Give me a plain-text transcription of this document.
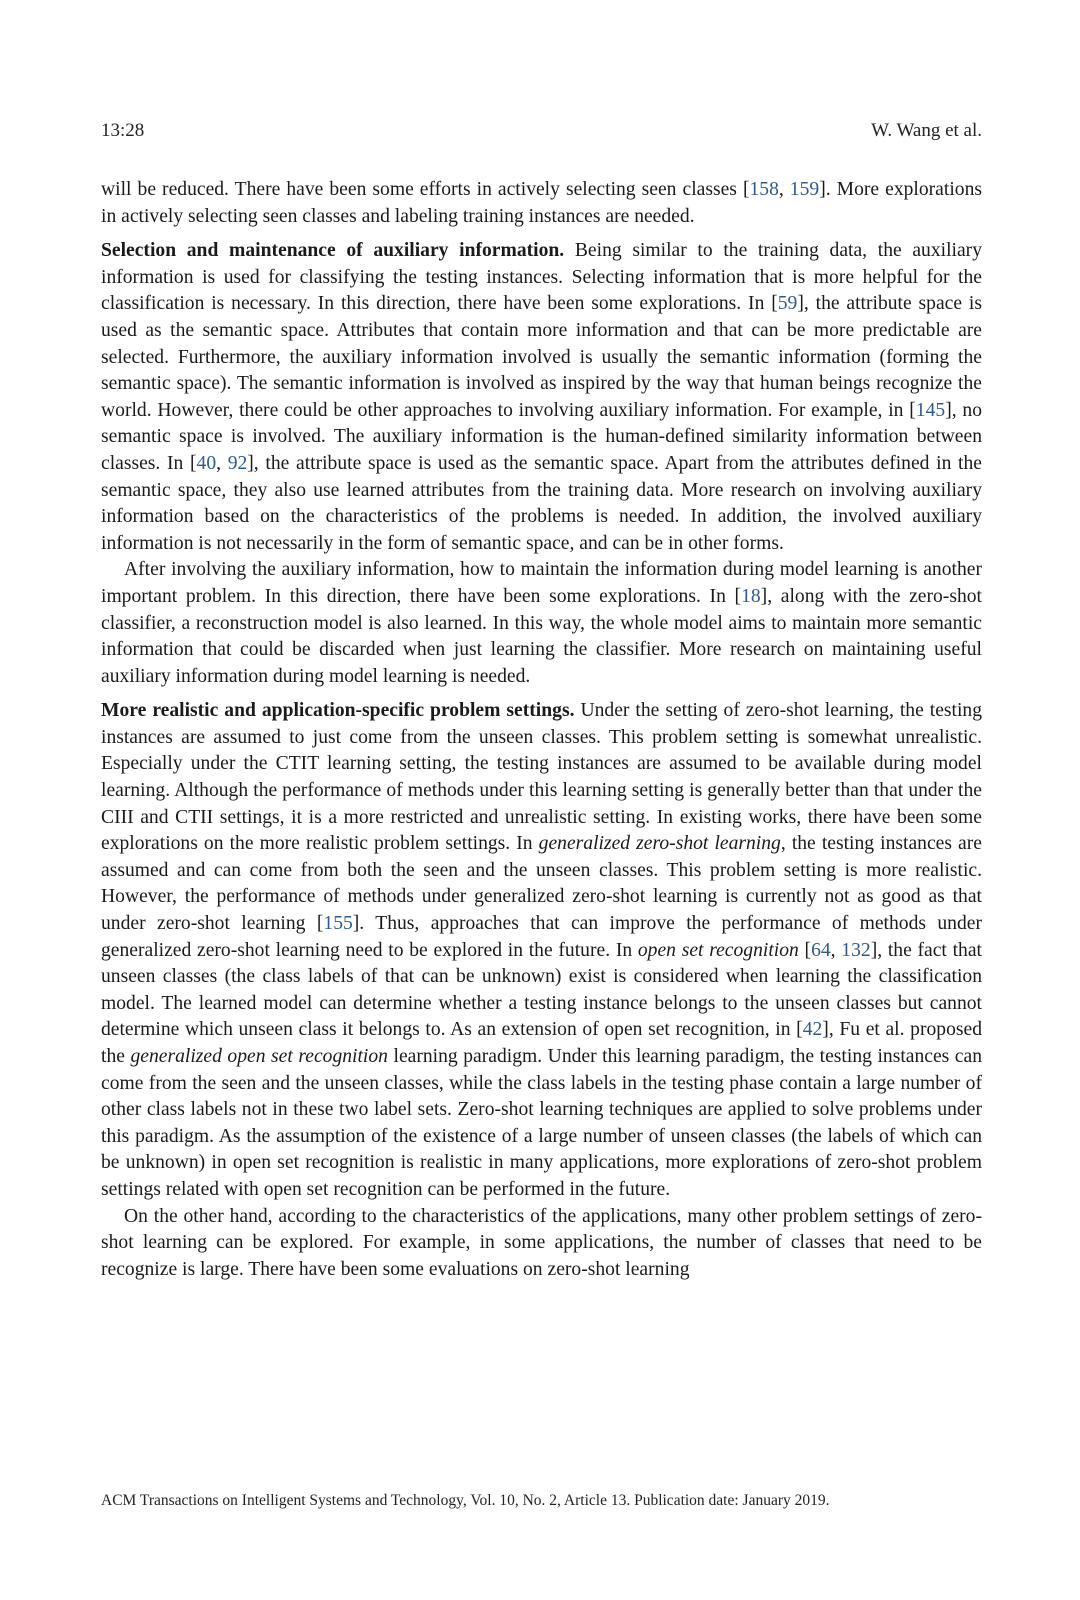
13:28	W. Wang et al.

will be reduced. There have been some efforts in actively selecting seen classes [158, 159]. More explorations in actively selecting seen classes and labeling training instances are needed.

Selection and maintenance of auxiliary information. Being similar to the training data, the auxiliary information is used for classifying the testing instances. Selecting information that is more helpful for the classification is necessary. In this direction, there have been some explorations. In [59], the attribute space is used as the semantic space. Attributes that contain more information and that can be more predictable are selected. Furthermore, the auxiliary information involved is usually the semantic information (forming the semantic space). The semantic information is involved as inspired by the way that human beings recognize the world. However, there could be other approaches to involving auxiliary information. For example, in [145], no semantic space is involved. The auxiliary information is the human-defined similarity information between classes. In [40, 92], the attribute space is used as the semantic space. Apart from the attributes defined in the semantic space, they also use learned attributes from the training data. More research on involving auxiliary information based on the characteristics of the problems is needed. In addition, the involved auxiliary information is not necessarily in the form of semantic space, and can be in other forms.

After involving the auxiliary information, how to maintain the information during model learning is another important problem. In this direction, there have been some explorations. In [18], along with the zero-shot classifier, a reconstruction model is also learned. In this way, the whole model aims to maintain more semantic information that could be discarded when just learning the classifier. More research on maintaining useful auxiliary information during model learning is needed.

More realistic and application-specific problem settings. Under the setting of zero-shot learning, the testing instances are assumed to just come from the unseen classes. This problem setting is somewhat unrealistic. Especially under the CTIT learning setting, the testing instances are assumed to be available during model learning. Although the performance of methods under this learning setting is generally better than that under the CIII and CTII settings, it is a more restricted and unrealistic setting. In existing works, there have been some explorations on the more realistic problem settings. In generalized zero-shot learning, the testing instances are assumed and can come from both the seen and the unseen classes. This problem setting is more realistic. However, the performance of methods under generalized zero-shot learning is currently not as good as that under zero-shot learning [155]. Thus, approaches that can improve the performance of methods under generalized zero-shot learning need to be explored in the future. In open set recognition [64, 132], the fact that unseen classes (the class labels of that can be unknown) exist is considered when learning the classification model. The learned model can determine whether a testing instance belongs to the unseen classes but cannot determine which unseen class it belongs to. As an extension of open set recognition, in [42], Fu et al. proposed the generalized open set recognition learning paradigm. Under this learning paradigm, the testing instances can come from the seen and the unseen classes, while the class labels in the testing phase contain a large number of other class labels not in these two label sets. Zero-shot learning techniques are applied to solve problems under this paradigm. As the assumption of the existence of a large number of unseen classes (the labels of which can be unknown) in open set recognition is realistic in many applications, more explorations of zero-shot problem settings related with open set recognition can be performed in the future.

On the other hand, according to the characteristics of the applications, many other problem settings of zero-shot learning can be explored. For example, in some applications, the number of classes that need to be recognize is large. There have been some evaluations on zero-shot learning

ACM Transactions on Intelligent Systems and Technology, Vol. 10, No. 2, Article 13. Publication date: January 2019.
